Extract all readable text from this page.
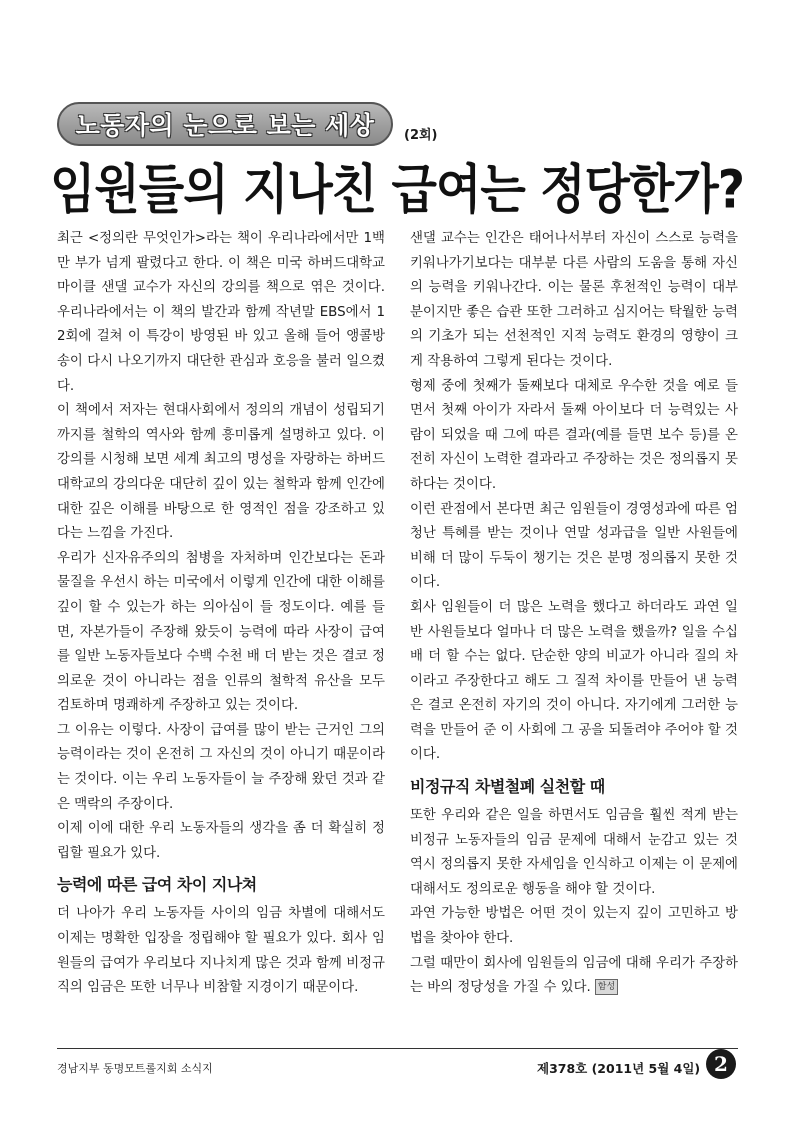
노동자의 눈으로 보는 세상 (2회)
임원들의 지나친 급여는 정당한가?

최근 <정의란 무엇인가>라는 책이 우리나라에서만 1백만 부가 넘게 팔렸다고 한다. 이 책은 미국 하버드대학교 마이클 샌댈 교수가 자신의 강의를 책으로 엮은 것이다. 우리나라에서는 이 책의 발간과 함께 작년말 EBS에서 12회에 걸쳐 이 특강이 방영된 바 있고 올해 들어 앵콜방송이 다시 나오기까지 대단한 관심과 호응을 불러 일으켰다.

이 책에서 저자는 현대사회에서 정의의 개념이 성립되기까지를 철학의 역사와 함께 흥미롭게 설명하고 있다. 이 강의를 시청해 보면 세계 최고의 명성을 자랑하는 하버드대학교의 강의다운 대단히 깊이 있는 철학과 함께 인간에 대한 깊은 이해를 바탕으로 한 영적인 점을 강조하고 있다는 느낌을 가진다.

우리가 신자유주의의 첨병을 자처하며 인간보다는 돈과 물질을 우선시 하는 미국에서 이렇게 인간에 대한 이해를 깊이 할 수 있는가 하는 의아심이 들 정도이다. 예를 들면, 자본가들이 주장해 왔듯이 능력에 따라 사장이 급여를 일반 노동자들보다 수백 수천 배 더 받는 것은 결코 정의로운 것이 아니라는 점을 인류의 철학적 유산을 모두 검토하며 명쾌하게 주장하고 있는 것이다.

그 이유는 이렇다. 사장이 급여를 많이 받는 근거인 그의 능력이라는 것이 온전히 그 자신의 것이 아니기 때문이라는 것이다. 이는 우리 노동자들이 늘 주장해 왔던 것과 같은 맥락의 주장이다.

이제 이에 대한 우리 노동자들의 생각을 좀 더 확실히 정립할 필요가 있다.

능력에 따른 급여 차이 지나쳐

더 나아가 우리 노동자들 사이의 임금 차별에 대해서도 이제는 명확한 입장을 정립해야 할 필요가 있다. 회사 임원들의 급여가 우리보다 지나치게 많은 것과 함께 비정규직의 임금은 또한 너무나 비참할 지경이기 때문이다.

샌댈 교수는 인간은 태어나서부터 자신이 스스로 능력을 키워나가기보다는 대부분 다른 사람의 도움을 통해 자신의 능력을 키워나간다. 이는 물론 후천적인 능력이 대부분이지만 좋은 습관 또한 그러하고 심지어는 탁월한 능력의 기초가 되는 선천적인 지적 능력도 환경의 영향이 크게 작용하여 그렇게 된다는 것이다.

형제 중에 첫째가 둘째보다 대체로 우수한 것을 예로 들면서 첫째 아이가 자라서 둘째 아이보다 더 능력있는 사람이 되었을 때 그에 따른 결과(예를 들면 보수 등)를 온전히 자신이 노력한 결과라고 주장하는 것은 정의롭지 못하다는 것이다.

이런 관점에서 본다면 최근 임원들이 경영성과에 따른 엄청난 특혜를 받는 것이나 연말 성과급을 일반 사원들에 비해 더 많이 두둑이 챙기는 것은 분명 정의롭지 못한 것이다.

회사 임원들이 더 많은 노력을 했다고 하더라도 과연 일반 사원들보다 얼마나 더 많은 노력을 했을까? 일을 수십 배 더 할 수는 없다. 단순한 양의 비교가 아니라 질의 차이라고 주장한다고 해도 그 질적 차이를 만들어 낸 능력은 결코 온전히 자기의 것이 아니다. 자기에게 그러한 능력을 만들어 준 이 사회에 그 공을 되돌려야 주어야 할 것이다.

비정규직 차별철폐 실천할 때

또한 우리와 같은 일을 하면서도 임금을 훨씬 적게 받는 비정규 노동자들의 임금 문제에 대해서 눈감고 있는 것 역시 정의롭지 못한 자세임을 인식하고 이제는 이 문제에 대해서도 정의로운 행동을 해야 할 것이다.

과연 가능한 방법은 어떤 것이 있는지 깊이 고민하고 방법을 찾아야 한다.

그럴 때만이 회사에 임원들의 임금에 대해 우리가 주장하는 바의 정당성을 가질 수 있다. 함성

경남지부 동명모트롤지회 소식지	제378호 (2011년 5월 4일) 2
